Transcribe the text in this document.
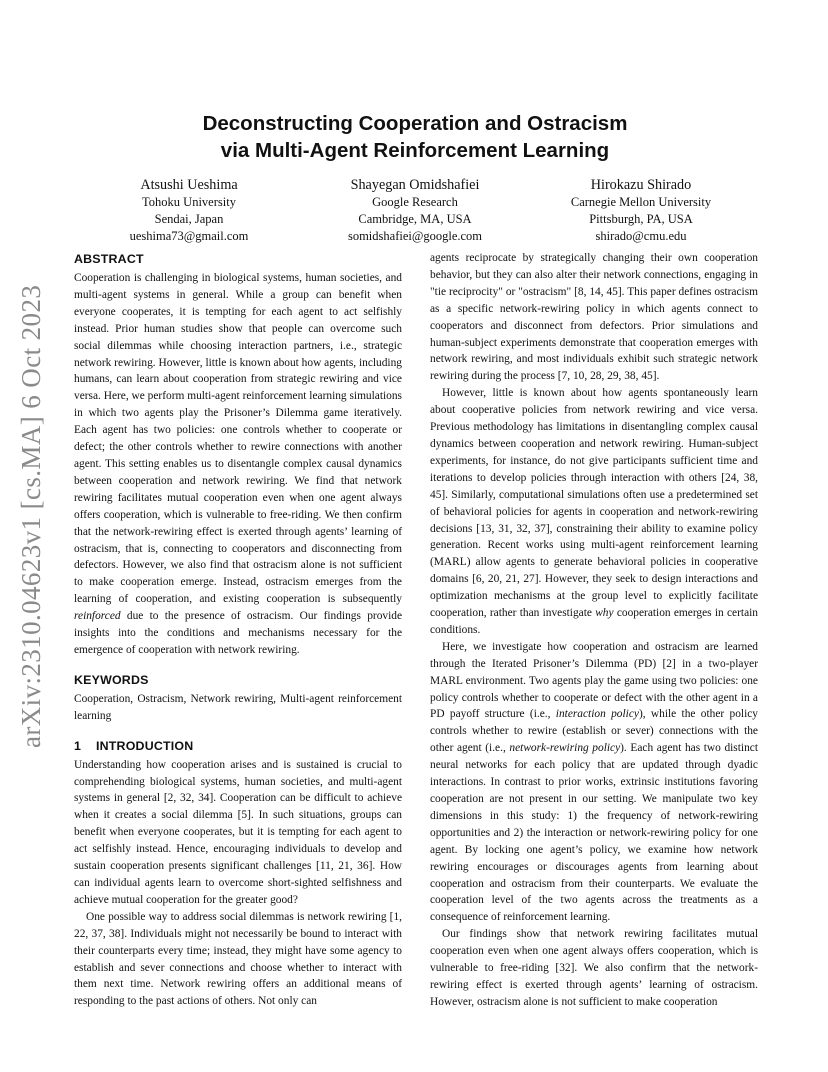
arXiv:2310.04623v1 [cs.MA] 6 Oct 2023
Deconstructing Cooperation and Ostracism
via Multi-Agent Reinforcement Learning
Atsushi Ueshima
Tohoku University
Sendai, Japan
ueshima73@gmail.com
Shayegan Omidshafiei
Google Research
Cambridge, MA, USA
somidshafiei@google.com
Hirokazu Shirado
Carnegie Mellon University
Pittsburgh, PA, USA
shirado@cmu.edu
ABSTRACT

Cooperation is challenging in biological systems, human societies, and multi-agent systems in general. While a group can benefit when everyone cooperates, it is tempting for each agent to act selfishly instead. Prior human studies show that people can overcome such social dilemmas while choosing interaction partners, i.e., strategic network rewiring. However, little is known about how agents, including humans, can learn about cooperation from strategic rewiring and vice versa. Here, we perform multi-agent reinforcement learning simulations in which two agents play the Prisoner’s Dilemma game iteratively. Each agent has two policies: one controls whether to cooperate or defect; the other controls whether to rewire connections with another agent. This setting enables us to disentangle complex causal dynamics between cooperation and network rewiring. We find that network rewiring facilitates mutual cooperation even when one agent always offers cooperation, which is vulnerable to free-riding. We then confirm that the network-rewiring effect is exerted through agents’ learning of ostracism, that is, connecting to cooperators and disconnecting from defectors. However, we also find that ostracism alone is not sufficient to make cooperation emerge. Instead, ostracism emerges from the learning of cooperation, and existing cooperation is subsequently reinforced due to the presence of ostracism. Our findings provide insights into the conditions and mechanisms necessary for the emergence of cooperation with network rewiring.

KEYWORDS

Cooperation, Ostracism, Network rewiring, Multi-agent reinforcement learning

1 INTRODUCTION

Understanding how cooperation arises and is sustained is crucial to comprehending biological systems, human societies, and multi-agent systems in general [2, 32, 34]. Cooperation can be difficult to achieve when it creates a social dilemma [5]. In such situations, groups can benefit when everyone cooperates, but it is tempting for each agent to act selfishly instead. Hence, encouraging individuals to develop and sustain cooperation presents significant challenges [11, 21, 36]. How can individual agents learn to overcome short-sighted selfishness and achieve mutual cooperation for the greater good?

One possible way to address social dilemmas is network rewiring [1, 22, 37, 38]. Individuals might not necessarily be bound to interact with their counterparts every time; instead, they might have some agency to establish and sever connections and choose whether to interact with them next time. Network rewiring offers an additional means of responding to the past actions of others. Not only can

agents reciprocate by strategically changing their own cooperation behavior, but they can also alter their network connections, engaging in "tie reciprocity" or "ostracism" [8, 14, 45]. This paper defines ostracism as a specific network-rewiring policy in which agents connect to cooperators and disconnect from defectors. Prior simulations and human-subject experiments demonstrate that cooperation emerges with network rewiring, and most individuals exhibit such strategic network rewiring during the process [7, 10, 28, 29, 38, 45].

However, little is known about how agents spontaneously learn about cooperative policies from network rewiring and vice versa. Previous methodology has limitations in disentangling complex causal dynamics between cooperation and network rewiring. Human-subject experiments, for instance, do not give participants sufficient time and iterations to develop policies through interaction with others [24, 38, 45]. Similarly, computational simulations often use a predetermined set of behavioral policies for agents in cooperation and network-rewiring decisions [13, 31, 32, 37], constraining their ability to examine policy generation. Recent works using multi-agent reinforcement learning (MARL) allow agents to generate behavioral policies in cooperative domains [6, 20, 21, 27]. However, they seek to design interactions and optimization mechanisms at the group level to explicitly facilitate cooperation, rather than investigate why cooperation emerges in certain conditions.

Here, we investigate how cooperation and ostracism are learned through the Iterated Prisoner’s Dilemma (PD) [2] in a two-player MARL environment. Two agents play the game using two policies: one policy controls whether to cooperate or defect with the other agent in a PD payoff structure (i.e., interaction policy), while the other policy controls whether to rewire (establish or sever) connections with the other agent (i.e., network-rewiring policy). Each agent has two distinct neural networks for each policy that are updated through dyadic interactions. In contrast to prior works, extrinsic institutions favoring cooperation are not present in our setting. We manipulate two key dimensions in this study: 1) the frequency of network-rewiring opportunities and 2) the interaction or network-rewiring policy for one agent. By locking one agent’s policy, we examine how network rewiring encourages or discourages agents from learning about cooperation and ostracism from their counterparts. We evaluate the cooperation level of the two agents across the treatments as a consequence of reinforcement learning.

Our findings show that network rewiring facilitates mutual cooperation even when one agent always offers cooperation, which is vulnerable to free-riding [32]. We also confirm that the network-rewiring effect is exerted through agents’ learning of ostracism. However, ostracism alone is not sufficient to make cooperation
